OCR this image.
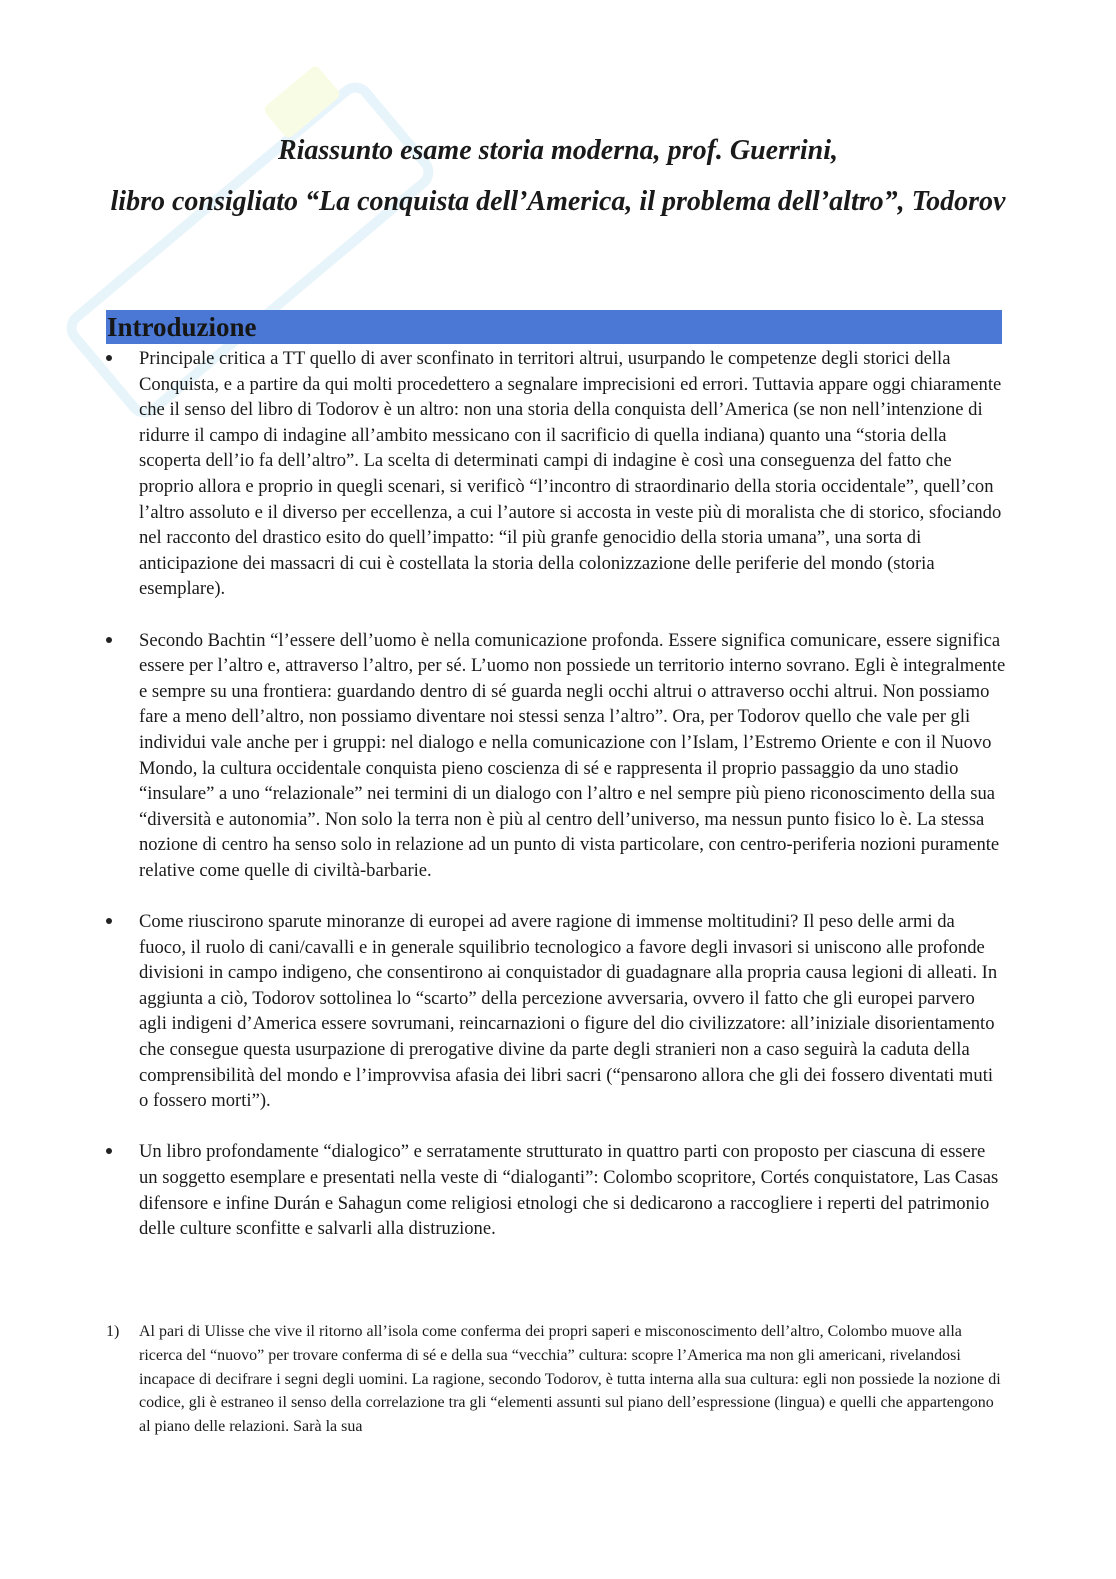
Riassunto esame storia moderna, prof. Guerrini,
libro consigliato “La conquista dell’America, il problema dell’altro”, Todorov
Introduzione

Principale critica a TT quello di aver sconfinato in territori altrui, usurpando le competenze degli storici della Conquista, e a partire da qui molti procedettero a segnalare imprecisioni ed errori. Tuttavia appare oggi chiaramente che il senso del libro di Todorov è un altro: non una storia della conquista dell’America (se non nell’intenzione di ridurre il campo di indagine all’ambito messicano con il sacrificio di quella indiana) quanto una “storia della scoperta dell’io fa dell’altro”. La scelta di determinati campi di indagine è così una conseguenza del fatto che proprio allora e proprio in quegli scenari, si verificò “l’incontro di straordinario della storia occidentale”, quell’con l’altro assoluto e il diverso per eccellenza, a cui l’autore si accosta in veste più di moralista che di storico, sfociando nel racconto del drastico esito do quell’impatto: “il più granfe genocidio della storia umana”, una sorta di anticipazione dei massacri di cui è costellata la storia della colonizzazione delle periferie del mondo (storia esemplare).

Secondo Bachtin “l’essere dell’uomo è nella comunicazione profonda. Essere significa comunicare, essere significa essere per l’altro e, attraverso l’altro, per sé. L’uomo non possiede un territorio interno sovrano. Egli è integralmente e sempre su una frontiera: guardando dentro di sé guarda negli occhi altrui o attraverso occhi altrui. Non possiamo fare a meno dell’altro, non possiamo diventare noi stessi senza l’altro”. Ora, per Todorov quello che vale per gli individui vale anche per i gruppi: nel dialogo e nella comunicazione con l’Islam, l’Estremo Oriente e con il Nuovo Mondo, la cultura occidentale conquista pieno coscienza di sé e rappresenta il proprio passaggio da uno stadio “insulare” a uno “relazionale” nei termini di un dialogo con l’altro e nel sempre più pieno riconoscimento della sua “diversità e autonomia”. Non solo la terra non è più al centro dell’universo, ma nessun punto fisico lo è. La stessa nozione di centro ha senso solo in relazione ad un punto di vista particolare, con centro-periferia nozioni puramente relative come quelle di civiltà-barbarie.

Come riuscirono sparute minoranze di europei ad avere ragione di immense moltitudini? Il peso delle armi da fuoco, il ruolo di cani/cavalli e in generale squilibrio tecnologico a favore degli invasori si uniscono alle profonde divisioni in campo indigeno, che consentirono ai conquistador di guadagnare alla propria causa legioni di alleati. In aggiunta a ciò, Todorov sottolinea lo “scarto” della percezione avversaria, ovvero il fatto che gli europei parvero agli indigeni d’America essere sovrumani, reincarnazioni o figure del dio civilizzatore: all’iniziale disorientamento che consegue questa usurpazione di prerogative divine da parte degli stranieri non a caso seguirà la caduta della comprensibilità del mondo e l’improvvisa afasia dei libri sacri (“pensarono allora che gli dei fossero diventati muti o fossero morti”).

Un libro profondamente “dialogico” e serratamente strutturato in quattro parti con proposto per ciascuna di essere un soggetto esemplare e presentati nella veste di “dialoganti”: Colombo scopritore, Cortés conquistatore, Las Casas difensore e infine Durán e Sahagun come religiosi etnologi che si dedicarono a raccogliere i reperti del patrimonio delle culture sconfitte e salvarli alla distruzione.

1) Al pari di Ulisse che vive il ritorno all’isola come conferma dei propri saperi e misconoscimento dell’altro, Colombo muove alla ricerca del “nuovo” per trovare conferma di sé e della sua “vecchia” cultura: scopre l’America ma non gli americani, rivelandosi incapace di decifrare i segni degli uomini. La ragione, secondo Todorov, è tutta interna alla sua cultura: egli non possiede la nozione di codice, gli è estraneo il senso della correlazione tra gli “elementi assunti sul piano dell’espressione (lingua) e quelli che appartengono al piano delle relazioni. Sarà la sua
